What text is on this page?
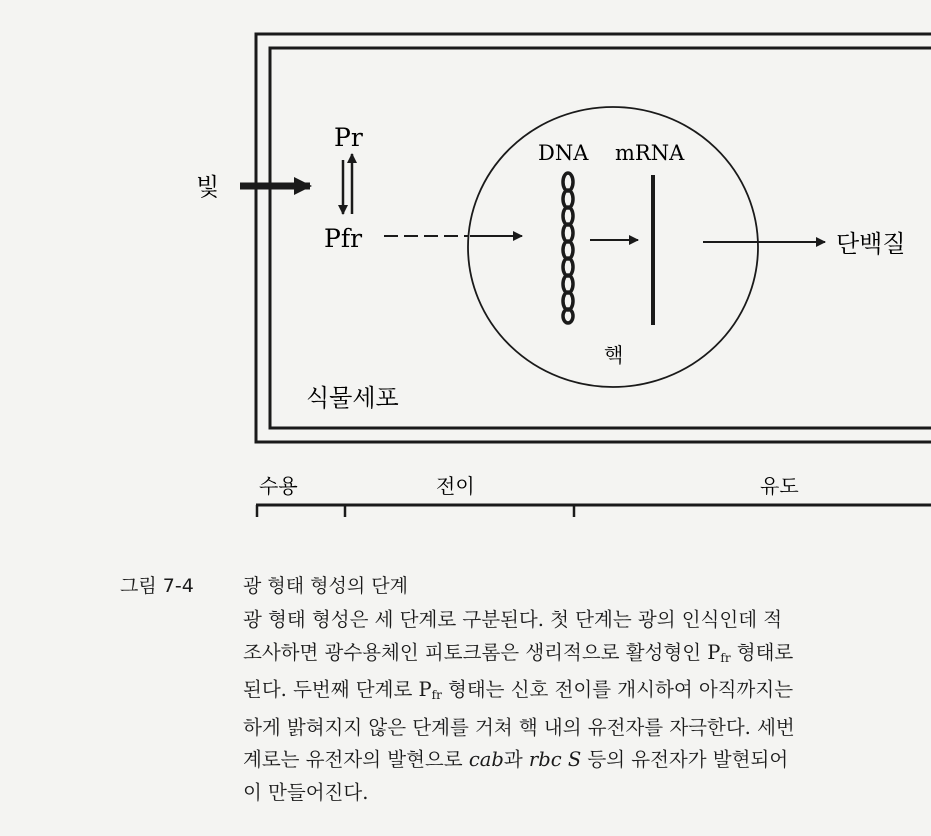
빛
Pr
Pfr
DNA mRNA
핵
단백질
식물세포
수용	전이	유도
그림 7-4	광 형태 형성의 단계

광 형태 형성은 세 단계로 구분된다. 첫 단계는 광의 인식인데 적

조사하면 광수용체인 피토크롬은 생리적으로 활성형인 $P_{fr}$ 형태로

된다. 두번째 단계로 $P_{fr}$ 형태는 신호 전이를 개시하여 아직까지는

하게 밝혀지지 않은 단계를 거쳐 핵 내의 유전자를 자극한다. 세번

계로는 유전자의 발현으로 cab과 rbc S 등의 유전자가 발현되어

이 만들어진다.
